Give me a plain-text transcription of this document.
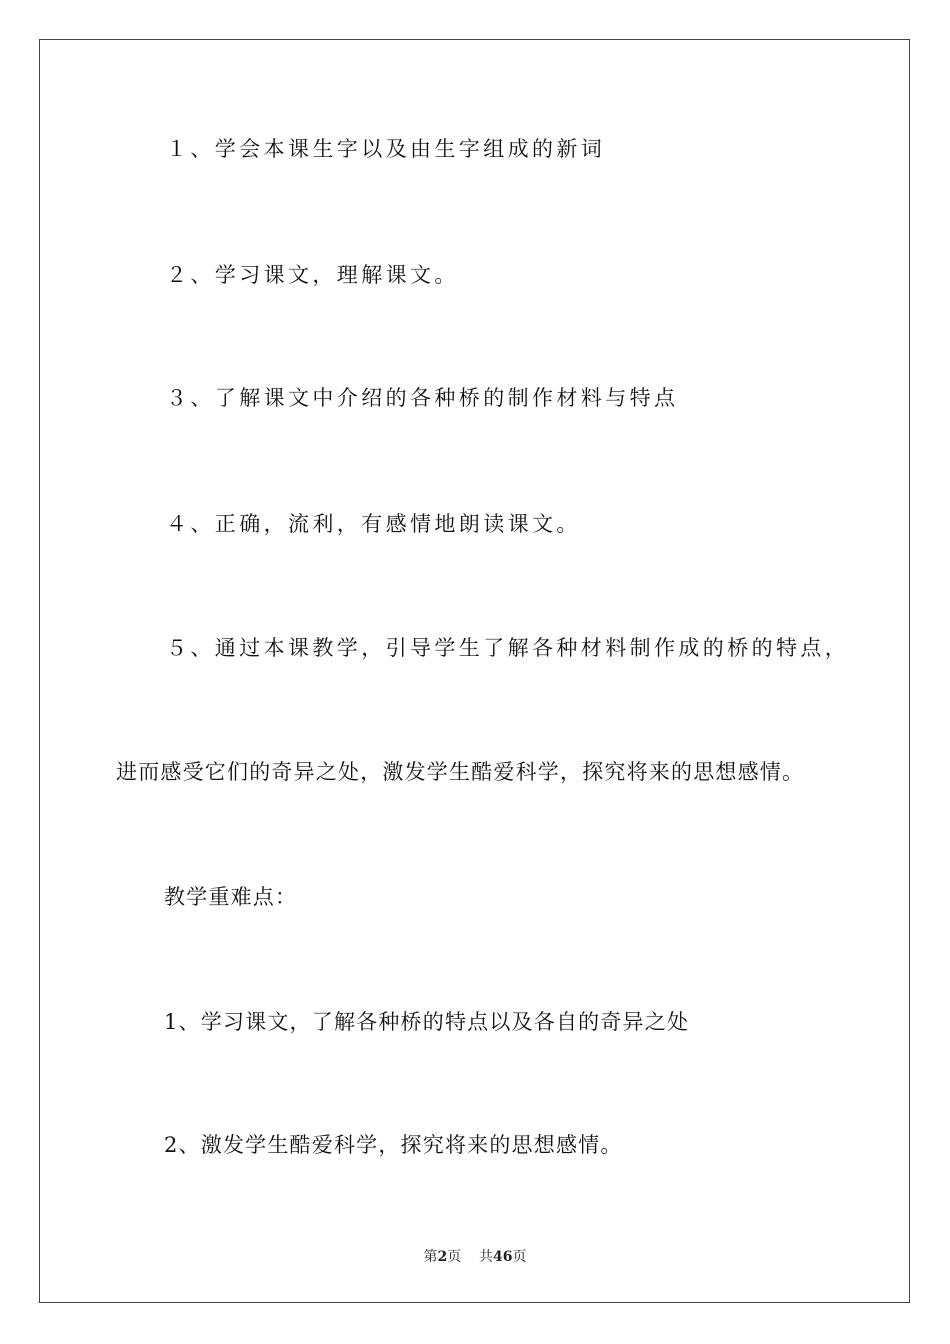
１、学会本课生字以及由生字组成的新词
２、学习课文，理解课文。
３、了解课文中介绍的各种桥的制作材料与特点
４、正确，流利，有感情地朗读课文。
５、通过本课教学，引导学生了解各种材料制作成的桥的特点，
进而感受它们的奇异之处，激发学生酷爱科学，探究将来的思想感情。
教学重难点：
1、学习课文，了解各种桥的特点以及各自的奇异之处
2、激发学生酷爱科学，探究将来的思想感情。
第2页 共46页
